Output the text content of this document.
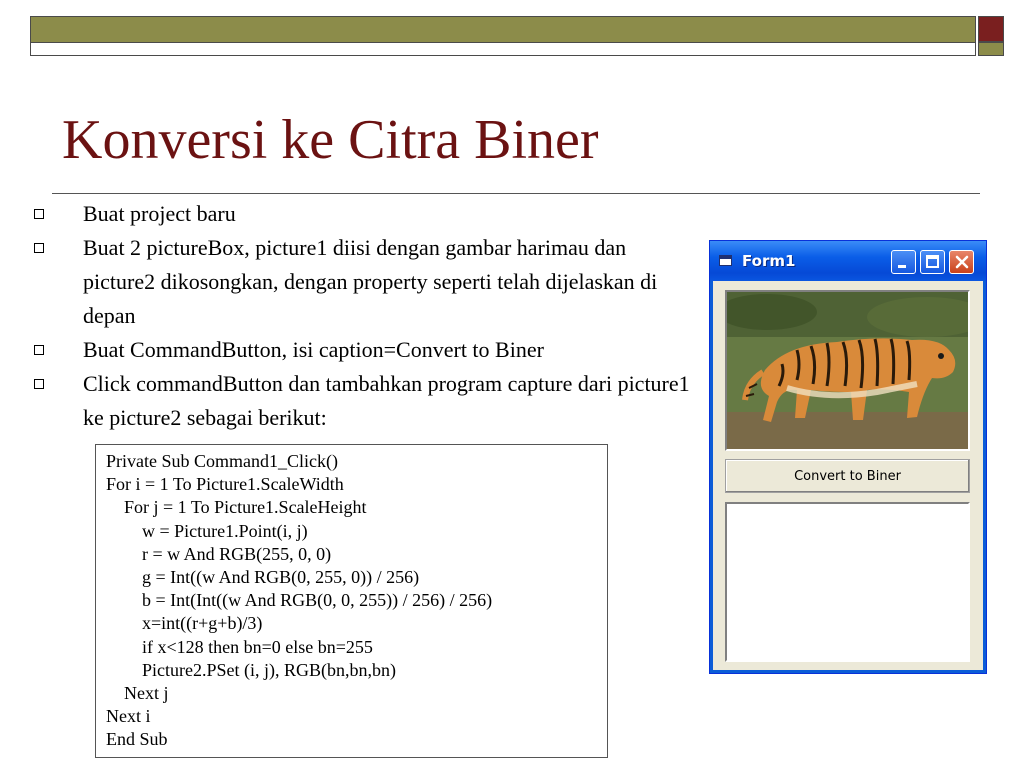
Konversi ke Citra Biner
Buat project baru
Buat 2 pictureBox, picture1 diisi dengan gambar harimau dan picture2 dikosongkan, dengan property seperti telah dijelaskan di depan
Buat CommandButton, isi caption=Convert to Biner
Click commandButton dan tambahkan program capture dari picture1 ke picture2 sebagai berikut:
Private Sub Command1_Click()
For i = 1 To Picture1.ScaleWidth
For j = 1 To Picture1.ScaleHeight
w = Picture1.Point(i, j)
r = w And RGB(255, 0, 0)
g = Int((w And RGB(0, 255, 0)) / 256)
b = Int(Int((w And RGB(0, 0, 255)) / 256) / 256)
x=int((r+g+b)/3)
if x<128 then bn=0 else bn=255
Picture2.PSet (i, j), RGB(bn,bn,bn)
Next j
Next i
End Sub
Form1
Convert to Biner
